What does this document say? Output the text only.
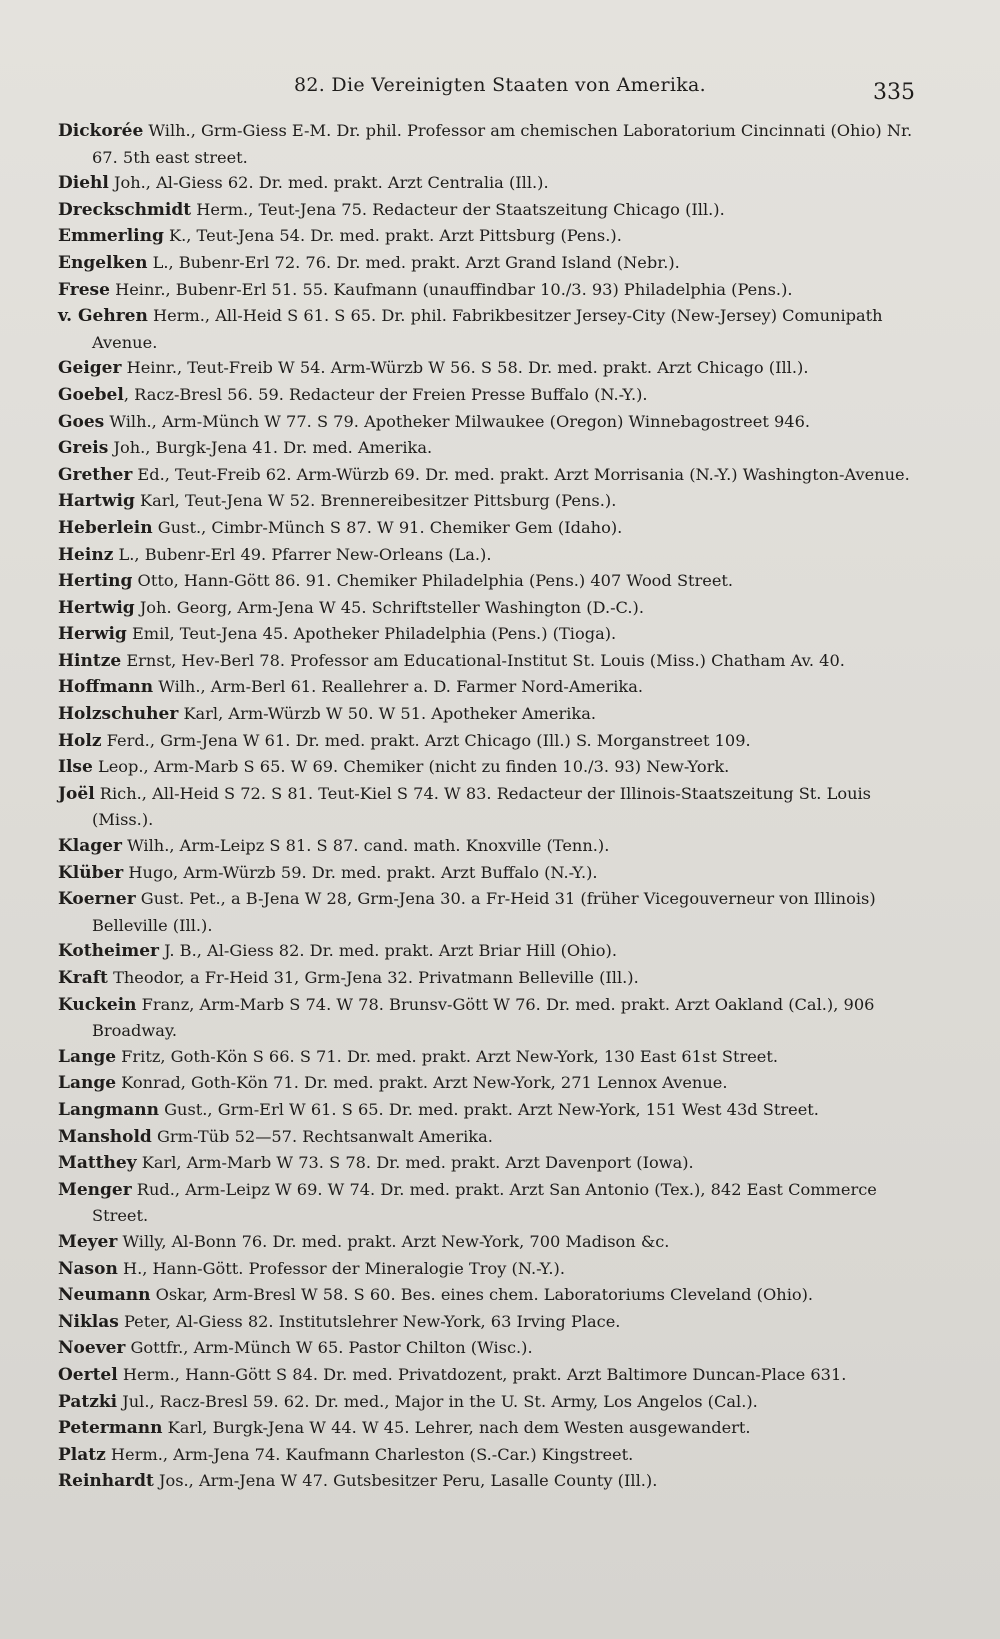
82. Die Vereinigten Staaten von Amerika.	335
Dickorée Wilh., Grm-Giess E-M. Dr. phil. Professor am chemischen Laboratorium Cincinnati (Ohio) Nr. 67. 5th east street.
Diehl Joh., Al-Giess 62. Dr. med. prakt. Arzt Centralia (Ill.).
Dreckschmidt Herm., Teut-Jena 75. Redacteur der Staatszeitung Chicago (Ill.).
Emmerling K., Teut-Jena 54. Dr. med. prakt. Arzt Pittsburg (Pens.).
Engelken L., Bubenr-Erl 72. 76. Dr. med. prakt. Arzt Grand Island (Nebr.).
Frese Heinr., Bubenr-Erl 51. 55. Kaufmann (unauffindbar 10./3. 93) Philadelphia (Pens.).
v. Gehren Herm., All-Heid S 61. S 65. Dr. phil. Fabrikbesitzer Jersey-City (New-Jersey) Comunipath Avenue.
Geiger Heinr., Teut-Freib W 54. Arm-Würzb W 56. S 58. Dr. med. prakt. Arzt Chicago (Ill.).
Goebel, Racz-Bresl 56. 59. Redacteur der Freien Presse Buffalo (N.-Y.).
Goes Wilh., Arm-Münch W 77. S 79. Apotheker Milwaukee (Oregon) Winnebagostreet 946.
Greis Joh., Burgk-Jena 41. Dr. med. Amerika.
Grether Ed., Teut-Freib 62. Arm-Würzb 69. Dr. med. prakt. Arzt Morrisania (N.-Y.) Washington-Avenue.
Hartwig Karl, Teut-Jena W 52. Brennereibesitzer Pittsburg (Pens.).
Heberlein Gust., Cimbr-Münch S 87. W 91. Chemiker Gem (Idaho).
Heinz L., Bubenr-Erl 49. Pfarrer New-Orleans (La.).
Herting Otto, Hann-Gött 86. 91. Chemiker Philadelphia (Pens.) 407 Wood Street.
Hertwig Joh. Georg, Arm-Jena W 45. Schriftsteller Washington (D.-C.).
Herwig Emil, Teut-Jena 45. Apotheker Philadelphia (Pens.) (Tioga).
Hintze Ernst, Hev-Berl 78. Professor am Educational-Institut St. Louis (Miss.) Chatham Av. 40.
Hoffmann Wilh., Arm-Berl 61. Reallehrer a. D. Farmer Nord-Amerika.
Holzschuher Karl, Arm-Würzb W 50. W 51. Apotheker Amerika.
Holz Ferd., Grm-Jena W 61. Dr. med. prakt. Arzt Chicago (Ill.) S. Morganstreet 109.
Ilse Leop., Arm-Marb S 65. W 69. Chemiker (nicht zu finden 10./3. 93) New-York.
Joël Rich., All-Heid S 72. S 81. Teut-Kiel S 74. W 83. Redacteur der Illinois-Staatszeitung St. Louis (Miss.).
Klager Wilh., Arm-Leipz S 81. S 87. cand. math. Knoxville (Tenn.).
Klüber Hugo, Arm-Würzb 59. Dr. med. prakt. Arzt Buffalo (N.-Y.).
Koerner Gust. Pet., a B-Jena W 28, Grm-Jena 30. a Fr-Heid 31 (früher Vicegouverneur von Illinois) Belleville (Ill.).
Kotheimer J. B., Al-Giess 82. Dr. med. prakt. Arzt Briar Hill (Ohio).
Kraft Theodor, a Fr-Heid 31, Grm-Jena 32. Privatmann Belleville (Ill.).
Kuckein Franz, Arm-Marb S 74. W 78. Brunsv-Gött W 76. Dr. med. prakt. Arzt Oakland (Cal.), 906 Broadway.
Lange Fritz, Goth-Kön S 66. S 71. Dr. med. prakt. Arzt New-York, 130 East 61st Street.
Lange Konrad, Goth-Kön 71. Dr. med. prakt. Arzt New-York, 271 Lennox Avenue.
Langmann Gust., Grm-Erl W 61. S 65. Dr. med. prakt. Arzt New-York, 151 West 43d Street.
Manshold Grm-Tüb 52—57. Rechtsanwalt Amerika.
Matthey Karl, Arm-Marb W 73. S 78. Dr. med. prakt. Arzt Davenport (Iowa).
Menger Rud., Arm-Leipz W 69. W 74. Dr. med. prakt. Arzt San Antonio (Tex.), 842 East Commerce Street.
Meyer Willy, Al-Bonn 76. Dr. med. prakt. Arzt New-York, 700 Madison &c.
Nason H., Hann-Gött. Professor der Mineralogie Troy (N.-Y.).
Neumann Oskar, Arm-Bresl W 58. S 60. Bes. eines chem. Laboratoriums Cleveland (Ohio).
Niklas Peter, Al-Giess 82. Institutslehrer New-York, 63 Irving Place.
Noever Gottfr., Arm-Münch W 65. Pastor Chilton (Wisc.).
Oertel Herm., Hann-Gött S 84. Dr. med. Privatdozent, prakt. Arzt Baltimore Duncan-Place 631.
Patzki Jul., Racz-Bresl 59. 62. Dr. med., Major in the U. St. Army, Los Angelos (Cal.).
Petermann Karl, Burgk-Jena W 44. W 45. Lehrer, nach dem Westen ausgewandert.
Platz Herm., Arm-Jena 74. Kaufmann Charleston (S.-Car.) Kingstreet.
Reinhardt Jos., Arm-Jena W 47. Gutsbesitzer Peru, Lasalle County (Ill.).
